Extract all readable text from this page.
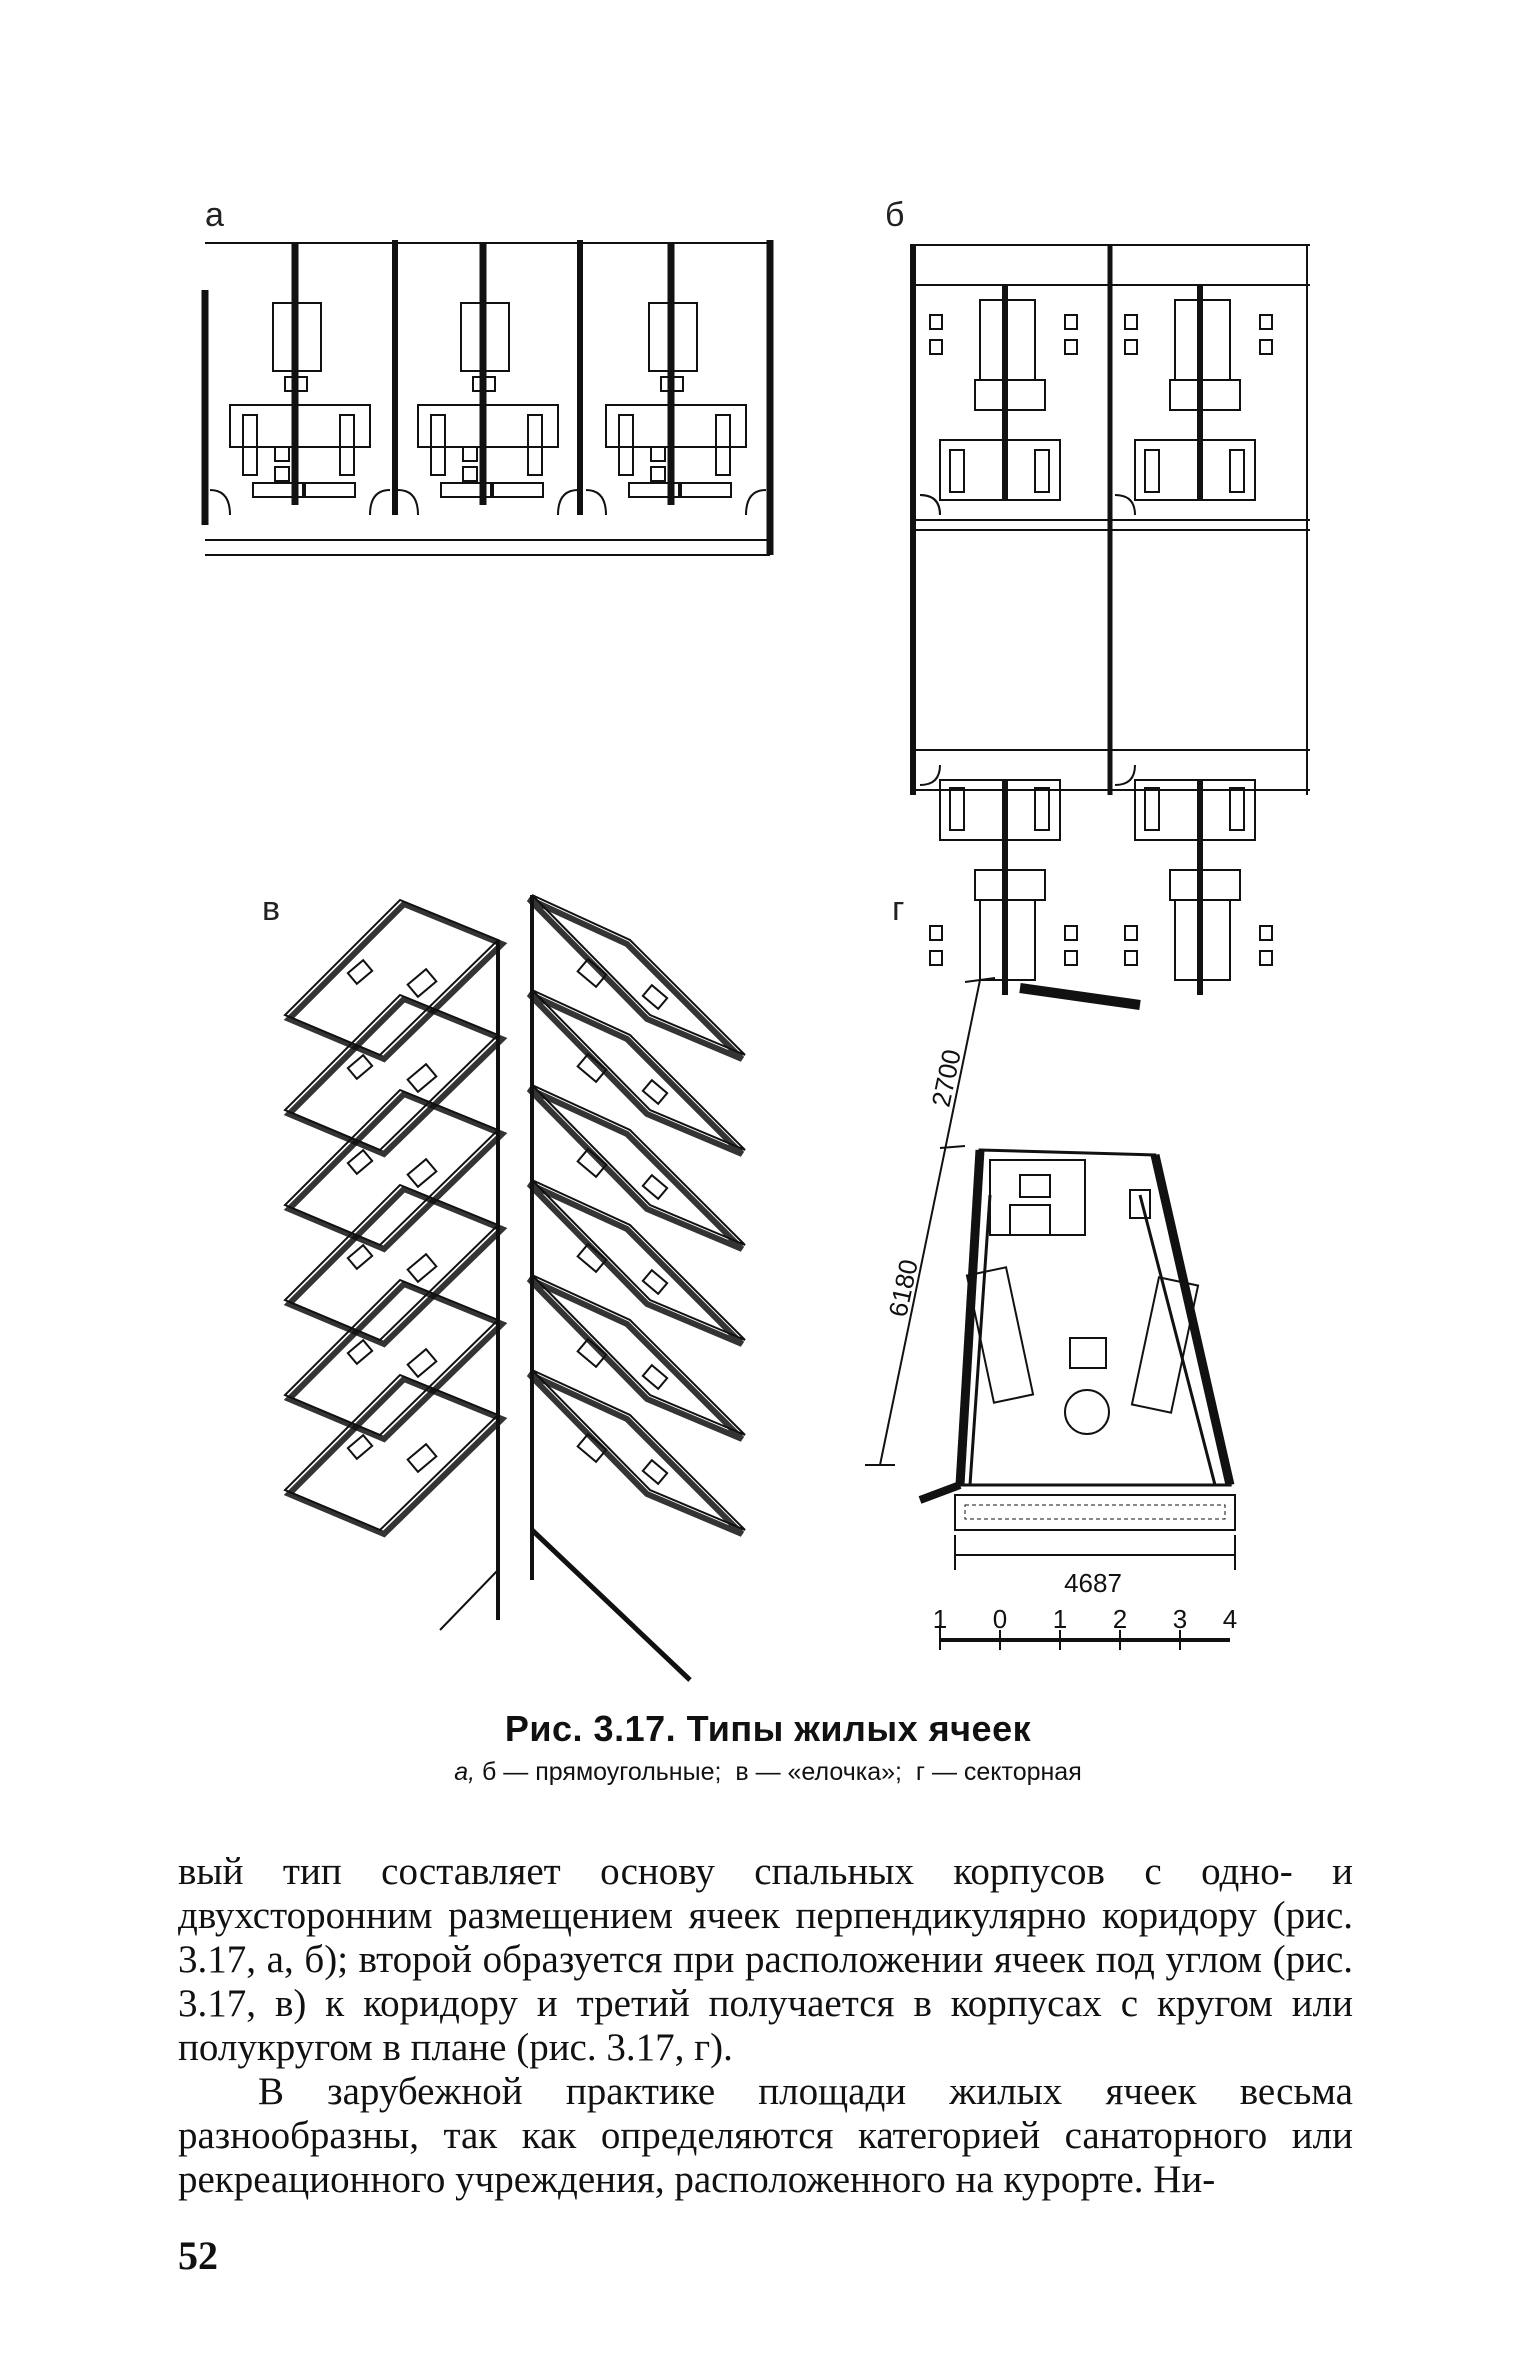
а	б
в	г
2700
6180
4687
1 0 1 2 3 4
Рис. 3.17. Типы жилых ячеек
а, б — прямоугольные; в — «елочка»; г — секторная

вый тип составляет основу спальных корпусов с одно- и двухсторонним размещением ячеек перпендикулярно коридору (рис. 3.17, а, б); второй образуется при расположении ячеек под углом (рис. 3.17, в) к коридору и третий получается в корпусах с кругом или полукругом в плане (рис. 3.17, г).

В зарубежной практике площади жилых ячеек весьма разнообразны, так как определяются категорией санаторного или рекреационного учреждения, расположенного на курорте. Ни-

52
